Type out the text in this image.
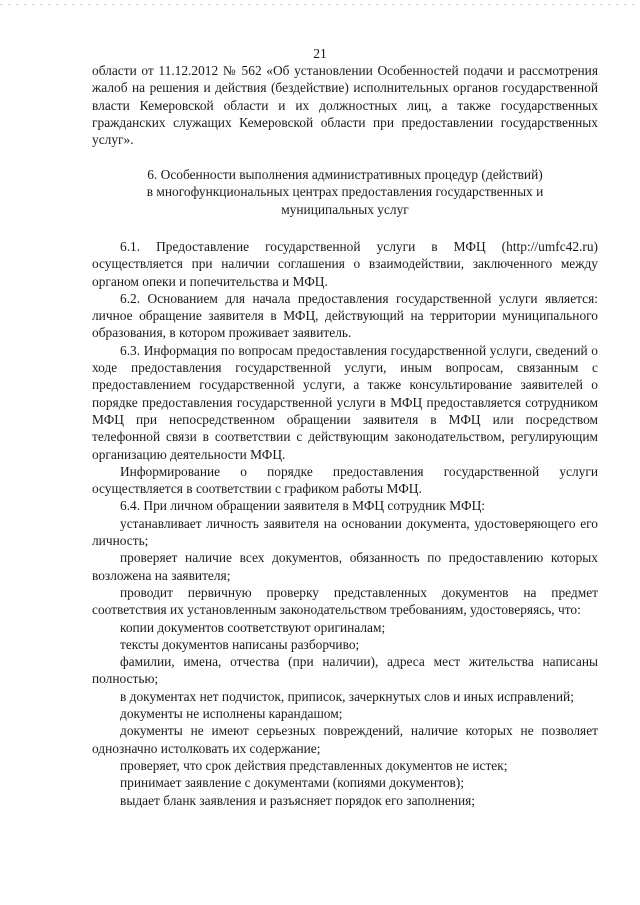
21

области от 11.12.2012 № 562 «Об установлении Особенностей подачи и рассмотрения жалоб на решения и действия (бездействие) исполнительных органов государственной власти Кемеровской области и их должностных лиц, а также государственных гражданских служащих Кемеровской области при предоставлении государственных услуг».

6. Особенности выполнения административных процедур (действий)

в многофункциональных центрах предоставления государственных и

муниципальных услуг

6.1. Предоставление государственной услуги в МФЦ (http://umfc42.ru) осуществляется при наличии соглашения о взаимодействии, заключенного между органом опеки и попечительства и МФЦ.

6.2. Основанием для начала предоставления государственной услуги является: личное обращение заявителя в МФЦ, действующий на территории муниципального образования, в котором проживает заявитель.

6.3. Информация по вопросам предоставления государственной услуги, сведений о ходе предоставления государственной услуги, иным вопросам, связанным с предоставлением государственной услуги, а также консультирование заявителей о порядке предоставления государственной услуги в МФЦ предоставляется сотрудником МФЦ при непосредственном обращении заявителя в МФЦ или посредством телефонной связи в соответствии с действующим законодательством, регулирующим организацию деятельности МФЦ.

Информирование о порядке предоставления государственной услуги осуществляется в соответствии с графиком работы МФЦ.

6.4. При личном обращении заявителя в МФЦ сотрудник МФЦ:

устанавливает личность заявителя на основании документа, удостоверяющего его личность;

проверяет наличие всех документов, обязанность по предоставлению которых возложена на заявителя;

проводит первичную проверку представленных документов на предмет соответствия их установленным законодательством требованиям, удостоверяясь, что:

копии документов соответствуют оригиналам;

тексты документов написаны разборчиво;

фамилии, имена, отчества (при наличии), адреса мест жительства написаны полностью;

в документах нет подчисток, приписок, зачеркнутых слов и иных исправлений;

документы не исполнены карандашом;

документы не имеют серьезных повреждений, наличие которых не позволяет однозначно истолковать их содержание;

проверяет, что срок действия представленных документов не истек;

принимает заявление с документами (копиями документов);

выдает бланк заявления и разъясняет порядок его заполнения;
